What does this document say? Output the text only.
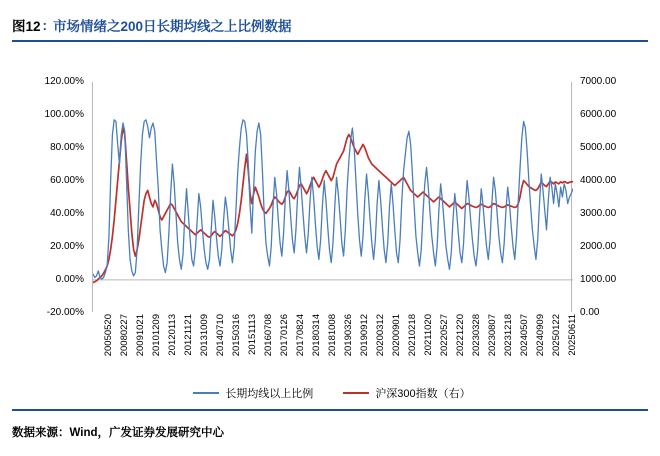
图12 : 市场情绪之200日长期均线之上比例数据
120.00%
100.00%
80.00%
60.00%
40.00%
20.00%
0.00%
-20.00%
7000.00
6000.00
5000.00
4000.00
3000.00
2000.00
1000.00
0.00
20050520 20080227 20091021 20101209 20120113 20121121 20131009 20140710 20150316 20151113 20160708 20170126 20170824 20180314 20181008 20190326 20190912 20200312 20200901 20210218 20211020 20220527 20221220 20230328 20230807 20231218 20240507 20240909 20250122 20250611
长期均线以上比例	沪深300指数（右）
数据来源：Wind，广发证券发展研究中心
